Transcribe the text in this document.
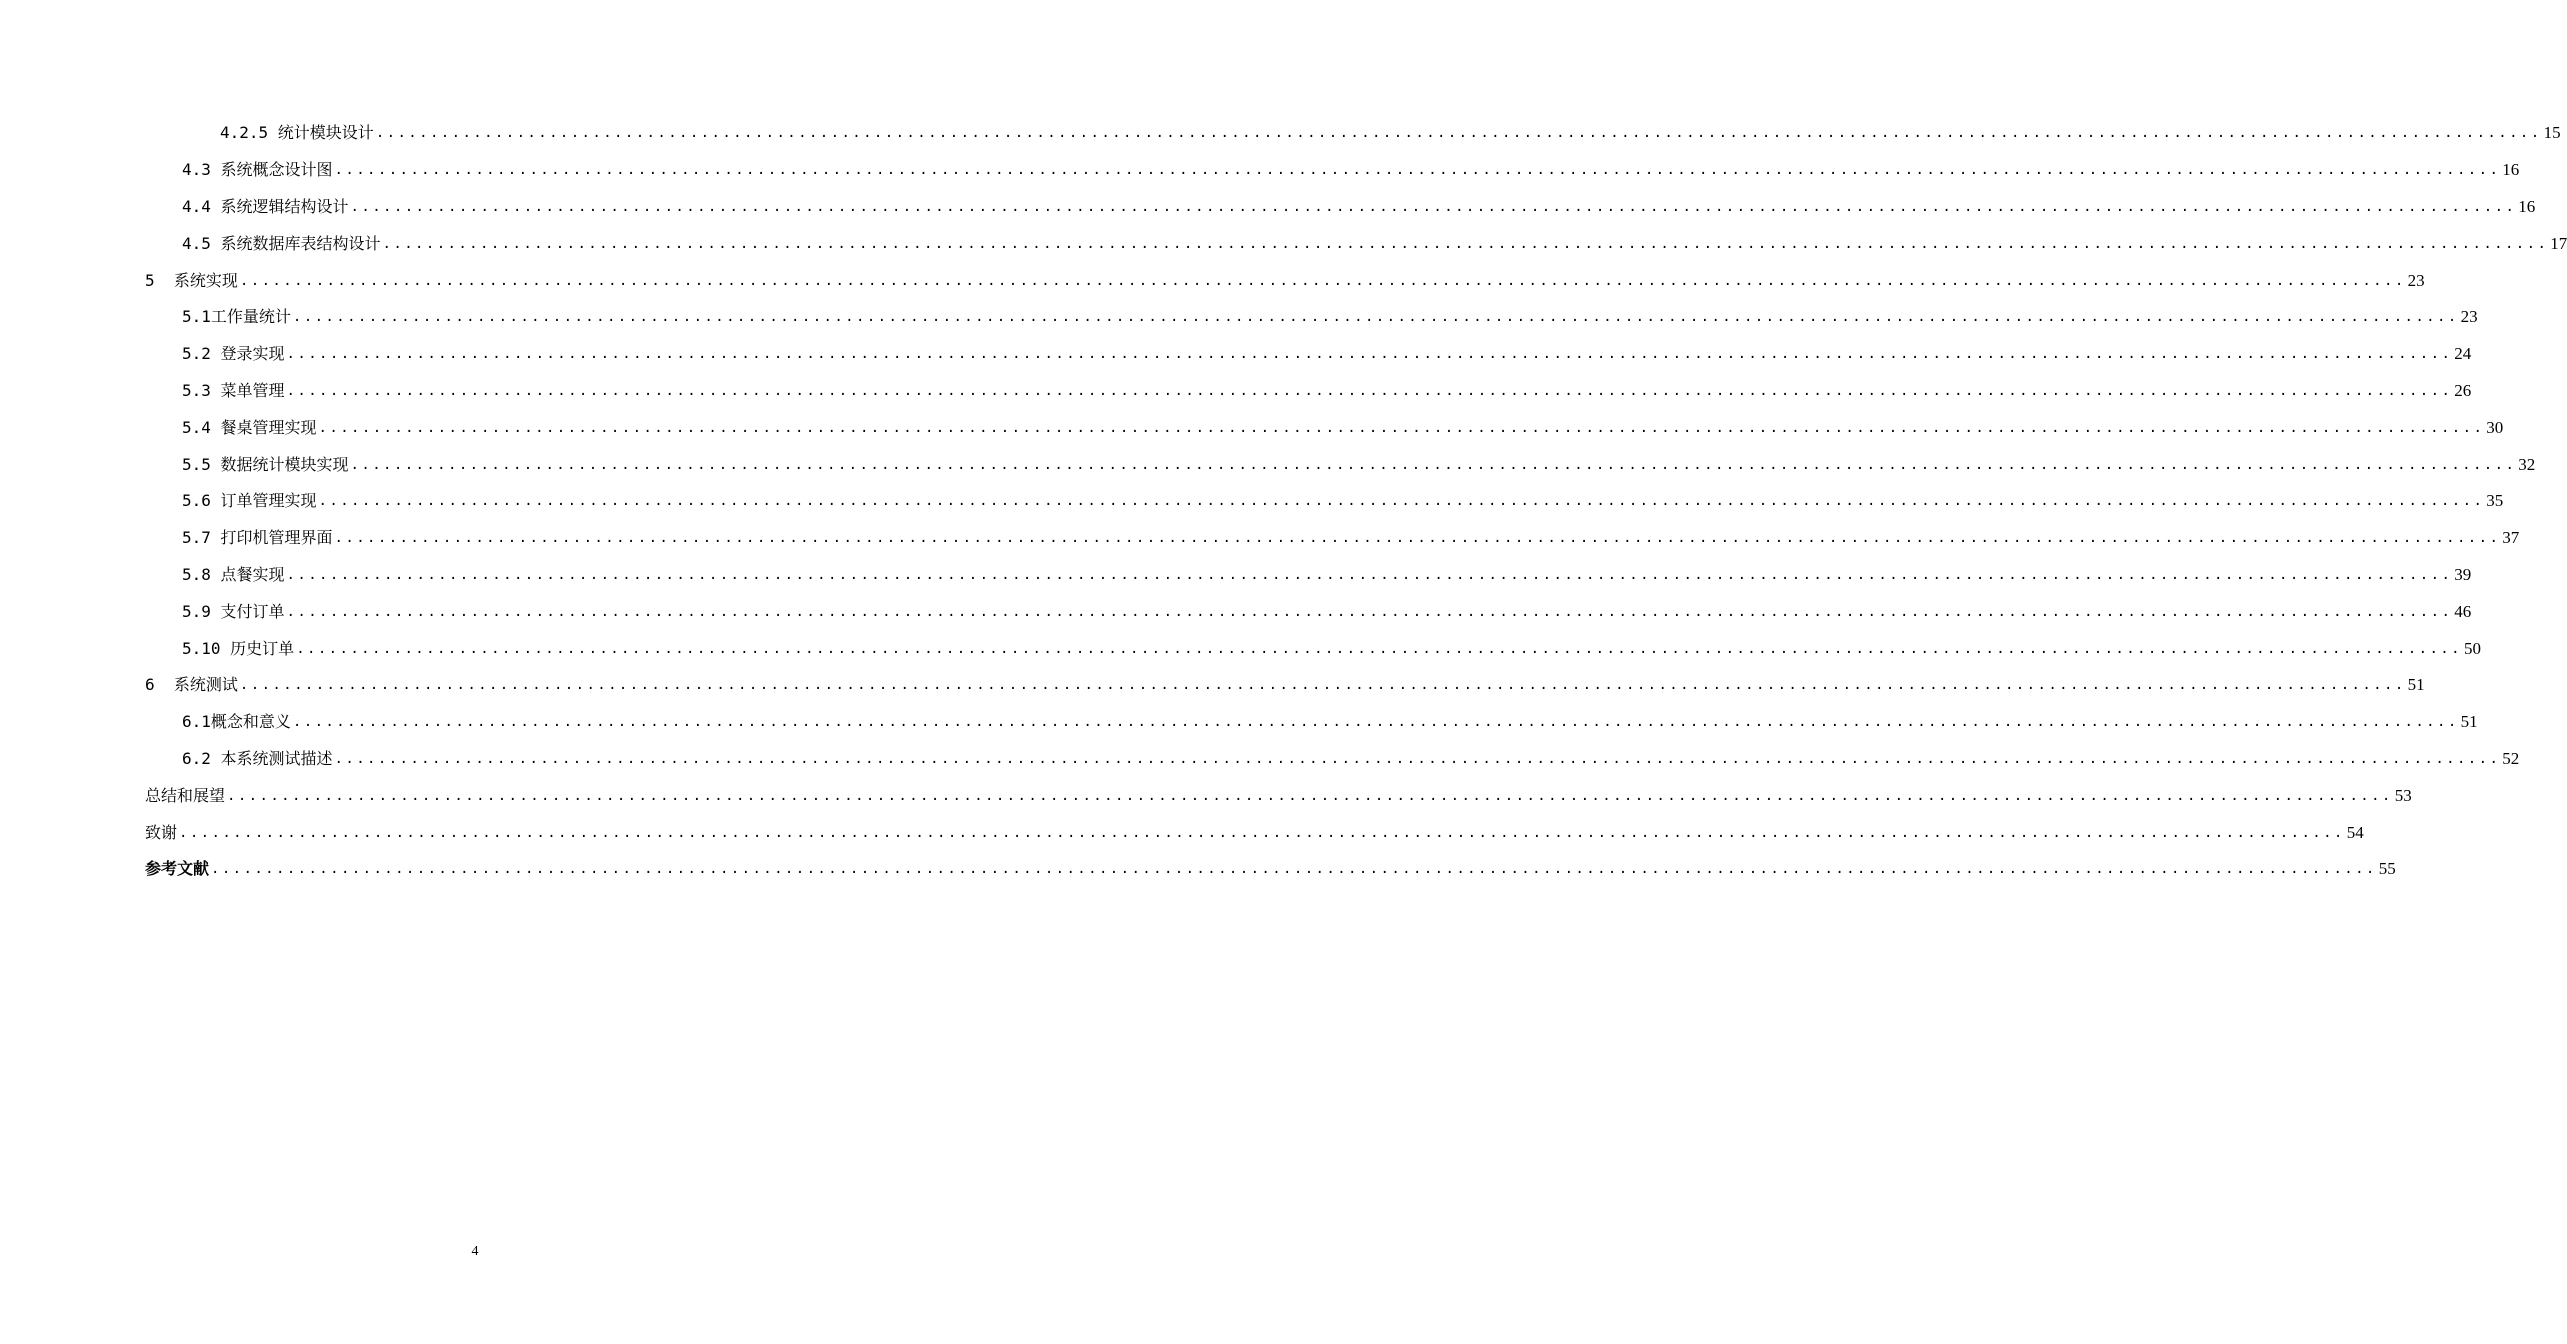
4.2.5 统计模块设计 ........................................................................................................................................................................................................ 15
4.3 系统概念设计图 ........................................................................................................................................................................................................ 16
4.4 系统逻辑结构设计 ........................................................................................................................................................................................................ 16
4.5 系统数据库表结构设计 ........................................................................................................................................................................................................ 17
5 系统实现 ........................................................................................................................................................................................................ 23
5.1 工作量统计 ........................................................................................................................................................................................................ 23
5.2 登录实现 ........................................................................................................................................................................................................ 24
5.3 菜单管理 ........................................................................................................................................................................................................ 26
5.4 餐桌管理实现 ........................................................................................................................................................................................................ 30
5.5 数据统计模块实现 ........................................................................................................................................................................................................ 32
5.6 订单管理实现 ........................................................................................................................................................................................................ 35
5.7 打印机管理界面 ........................................................................................................................................................................................................ 37
5.8 点餐实现 ........................................................................................................................................................................................................ 39
5.9 支付订单 ........................................................................................................................................................................................................ 46
5.10 历史订单 ........................................................................................................................................................................................................ 50
6 系统测试 ........................................................................................................................................................................................................ 51
6.1 概念和意义 ........................................................................................................................................................................................................ 51
6.2 本系统测试描述 ........................................................................................................................................................................................................ 52
总结和展望 ........................................................................................................................................................................................................ 53
致谢 ........................................................................................................................................................................................................ 54
参考文献 ........................................................................................................................................................................................................ 55
4
